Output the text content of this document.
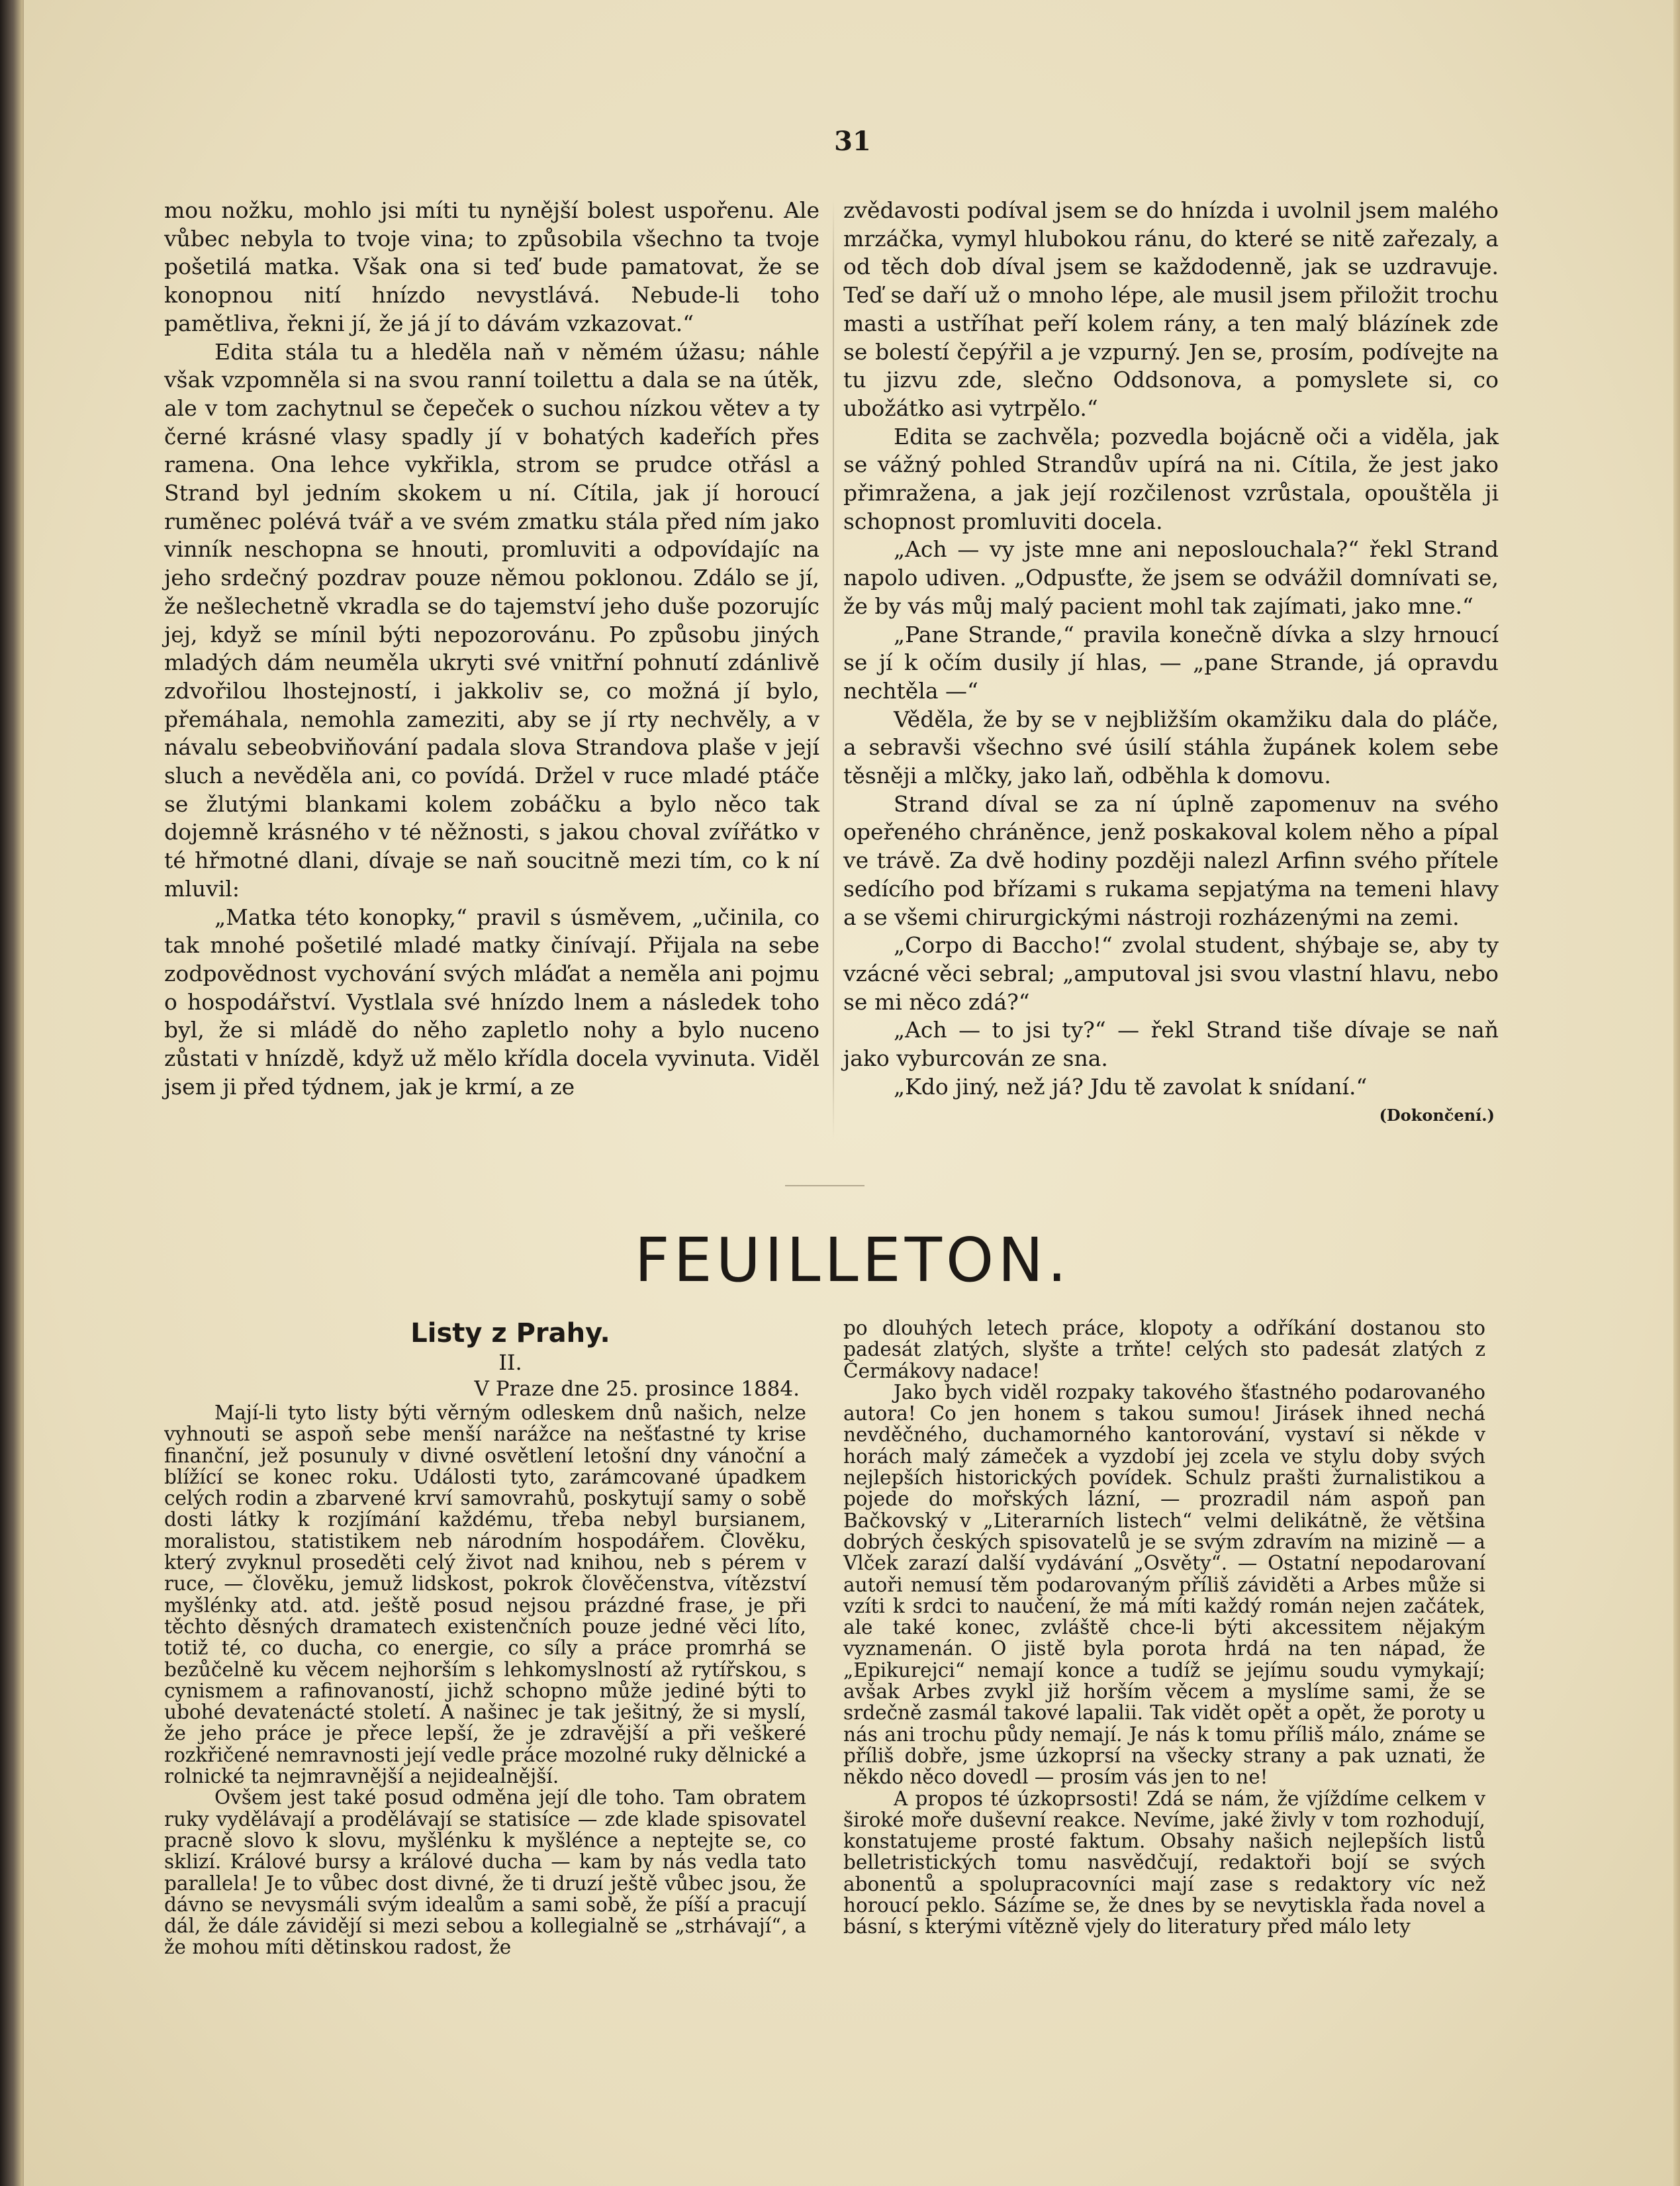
31

mou nožku, mohlo jsi míti tu nynější bolest uspořenu. Ale vůbec nebyla to tvoje vina; to způsobila všechno ta tvoje pošetilá matka. Však ona si teď bude pamatovat, že se konopnou nití hnízdo nevystlává. Nebude-li toho pamětliva, řekni jí, že já jí to dávám vzkazovat.“

Edita stála tu a hleděla naň v němém úžasu; náhle však vzpomněla si na svou ranní toilettu a dala se na útěk, ale v tom zachytnul se čepeček o suchou nízkou větev a ty černé krásné vlasy spadly jí v bohatých kadeřích přes ramena. Ona lehce vykřikla, strom se prudce otřásl a Strand byl jedním skokem u ní. Cítila, jak jí horoucí ruměnec polévá tvář a ve svém zmatku stála před ním jako vinník neschopna se hnouti, promluviti a odpovídajíc na jeho srdečný pozdrav pouze němou poklonou. Zdálo se jí, že nešlechetně vkradla se do tajemství jeho duše pozorujíc jej, když se mínil býti nepozorovánu. Po způsobu jiných mladých dám neuměla ukryti své vnitřní pohnutí zdánlivě zdvořilou lhostejností, i jakkoliv se, co možná jí bylo, přemáhala, nemohla zameziti, aby se jí rty nechvěly, a v návalu sebeobviňování padala slova Strandova plaše v její sluch a nevěděla ani, co povídá. Držel v ruce mladé ptáče se žlutými blankami kolem zobáčku a bylo něco tak dojemně krásného v té něžnosti, s jakou choval zvířátko v té hřmotné dlani, dívaje se naň soucitně mezi tím, co k ní mluvil:

„Matka této konopky,“ pravil s úsměvem, „učinila, co tak mnohé pošetilé mladé matky činívají. Přijala na sebe zodpovědnost vychování svých mláďat a neměla ani pojmu o hospodářství. Vystlala své hnízdo lnem a následek toho byl, že si mládě do něho zapletlo nohy a bylo nuceno zůstati v hnízdě, když už mělo křídla docela vyvinuta. Viděl jsem ji před týdnem, jak je krmí, a ze

zvědavosti podíval jsem se do hnízda i uvolnil jsem malého mrzáčka, vymyl hlubokou ránu, do které se nitě zařezaly, a od těch dob díval jsem se každodenně, jak se uzdravuje. Teď se daří už o mnoho lépe, ale musil jsem přiložit trochu masti a ustříhat peří kolem rány, a ten malý blázínek zde se bolestí čepýřil a je vzpurný. Jen se, prosím, podívejte na tu jizvu zde, slečno Oddsonova, a pomyslete si, co ubožátko asi vytrpělo.“

Edita se zachvěla; pozvedla bojácně oči a viděla, jak se vážný pohled Strandův upírá na ni. Cítila, že jest jako přimražena, a jak její rozčilenost vzrůstala, opouštěla ji schopnost promluviti docela.

„Ach — vy jste mne ani neposlouchala?“ řekl Strand napolo udiven. „Odpusťte, že jsem se odvážil domnívati se, že by vás můj malý pacient mohl tak zajímati, jako mne.“

„Pane Strande,“ pravila konečně dívka a slzy hrnoucí se jí k očím dusily jí hlas, — „pane Strande, já opravdu nechtěla —“

Věděla, že by se v nejbližším okamžiku dala do pláče, a sebravši všechno své úsilí stáhla župánek kolem sebe těsněji a mlčky, jako laň, odběhla k domovu.

Strand díval se za ní úplně zapomenuv na svého opeřeného chráněnce, jenž poskakoval kolem něho a pípal ve trávě. Za dvě hodiny později nalezl Arfinn svého přítele sedícího pod břízami s rukama sepjatýma na temeni hlavy a se všemi chirurgickými nástroji rozházenými na zemi.

„Corpo di Bacchо!“ zvolal student, shýbaje se, aby ty vzácné věci sebral; „amputoval jsi svou vlastní hlavu, nebo se mi něco zdá?“

„Ach — to jsi ty?“ — řekl Strand tiše dívaje se naň jako vyburcován ze sna.

„Kdo jiný, než já? Jdu tě zavolat k snídaní.“

(Dokončení.)

FEUILLETON.

Listy z Prahy.

II.

V Praze dne 25. prosince 1884.

Mají-li tyto listy býti věrným odleskem dnů našich, nelze vyhnouti se aspoň sebe menší narážce na nešťastné ty krise finanční, jež posunuly v divné osvětlení letošní dny vánoční a blížící se konec roku. Události tyto, zarámcované úpadkem celých rodin a zbarvené krví samovrahů, poskytují samy o sobě dosti látky k rozjímání každému, třeba nebyl bursianem, moralistou, statistikem neb národním hospodářem. Člověku, který zvyknul proseděti celý život nad knihou, neb s pérem v ruce, — člověku, jemuž lidskost, pokrok člověčenstva, vítězství myšlénky atd. atd. ještě posud nejsou prázdné frase, je při těchto děsných dramatech existenčních pouze jedné věci líto, totiž té, co ducha, co energie, co síly a práce promrhá se bezůčelně ku věcem nejhorším s lehkomyslností až rytířskou, s cynismem a rafinovaností, jichž schopno může jediné býti to ubohé devatenácté století. A našinec je tak ješitný, že si myslí, že jeho práce je přece lepší, že je zdravější a při veškeré rozkřičené nemravnosti její vedle práce mozolné ruky dělnické a rolnické ta nejmravnější a nejidealnější.

Ovšem jest také posud odměna její dle toho. Tam obratem ruky vydělávají a prodělávají se statisíce — zde klade spisovatel pracně slovo k slovu, myšlénku k myšlénce a neptejte se, co sklizí. Králové bursy a králové ducha — kam by nás vedla tato parallela! Je to vůbec dost divné, že ti druzí ještě vůbec jsou, že dávno se nevysmáli svým idealům a sami sobě, že píší a pracují dál, že dále závidějí si mezi sebou a kollegialně se „strhávají“, a že mohou míti dětinskou radost, že

po dlouhých letech práce, klopoty a odříkání dostanou sto padesát zlatých, slyšte a trňte! celých sto padesát zlatých z Čermákovy nadace!

Jako bych viděl rozpaky takového šťastného podarovaného autora! Co jen honem s takou sumou! Jirásek ihned nechá nevděčného, duchamorného kantorování, vystaví si někde v horách malý zámeček a vyzdobí jej zcela ve stylu doby svých nejlepších historických povídek. Schulz prašti žurnalistikou a pojede do mořských lázní, — prozradil nám aspoň pan Bačkovský v „Literarních listech“ velmi delikátně, že většina dobrých českých spisovatelů je se svým zdravím na mizině — a Vlček zarazí další vydávání „Osvěty“. — Ostatní nepodarovaní autoři nemusí těm podarovaným příliš záviděti a Arbes může si vzíti k srdci to naučení, že má míti každý román nejen začátek, ale také konec, zvláště chce-li býti akcessitem nějakým vyznamenán. O jistě byla porota hrdá na ten nápad, že „Epikurejci“ nemají konce a tudíž se jejímu soudu vymykají; avšak Arbes zvykl již horším věcem a myslíme sami, že se srdečně zasmál takové lapalii. Tak vidět opět a opět, že poroty u nás ani trochu půdy nemají. Je nás k tomu příliš málo, známe se příliš dobře, jsme úzkoprsí na všecky strany a pak uznati, že někdo něco dovedl — prosím vás jen to ne!

A propos té úzkoprsosti! Zdá se nám, že vjíždíme celkem v široké moře duševní reakce. Nevíme, jaké živly v tom rozhodují, konstatujeme prosté faktum. Obsahy našich nejlepších listů belletristických tomu nasvědčují, redaktoři bojí se svých abonentů a spolupracovníci mají zase s redaktory víc než horoucí peklo. Sázíme se, že dnes by se nevytiskla řada novel a básní, s kterými vítězně vjely do literatury před málo lety
